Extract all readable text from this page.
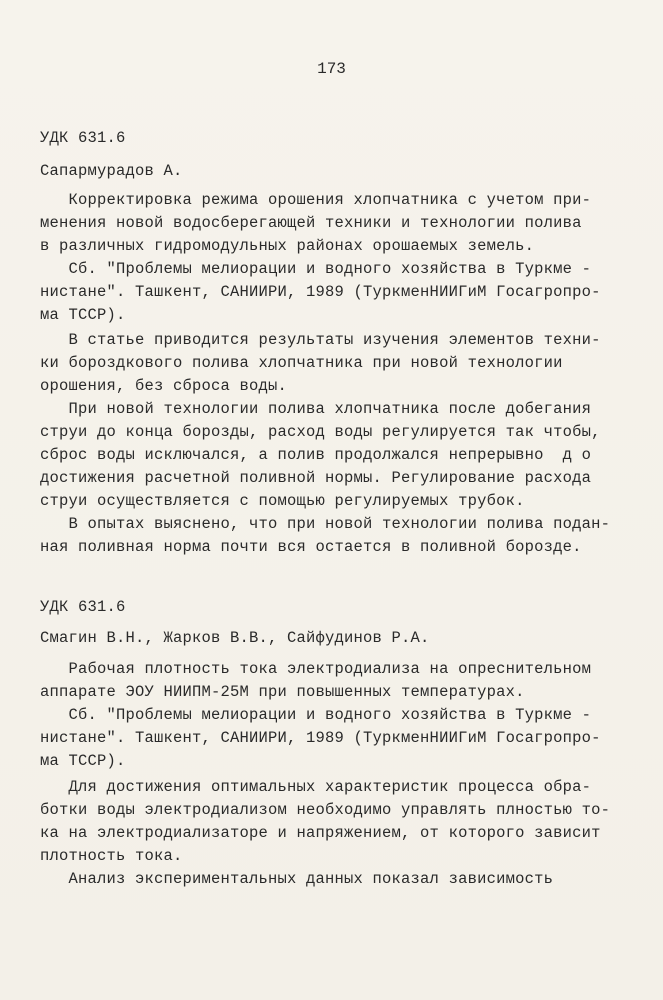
173
УДК 631.6
Сапармурадов А.
Корректировка режима орошения хлопчатника с учетом при-
менения новой водосберегающей техники и технологии полива
в различных гидромодульных районах орошаемых земель.
Сб. "Проблемы мелиорации и водного хозяйства в Туркме -
нистане". Ташкент, САНИИРИ, 1989 (ТуркменНИИГиМ Госагропро-
ма ТССР).
В статье приводится результаты изучения элементов техни-
ки бороздкового полива хлопчатника при новой технологии
орошения, без сброса воды.
При новой технологии полива хлопчатника после добегания
струи до конца борозды, расход воды регулируется так чтобы,
сброс воды исключался, а полив продолжался непрерывно  д о
достижения расчетной поливной нормы. Регулирование расхода
струи осуществляется с помощью регулируемых трубок.
В опытах выяснено, что при новой технологии полива подан-
ная поливная норма почти вся остается в поливной борозде.
УДК 631.6
Смагин В.Н., Жарков В.В., Сайфудинов Р.А.
Рабочая плотность тока электродиализа на опреснительном
аппарате ЭОУ НИИПМ-25М при повышенных температурах.
Сб. "Проблемы мелиорации и водного хозяйства в Туркме -
нистане". Ташкент, САНИИРИ, 1989 (ТуркменНИИГиМ Госагропро-
ма ТССР).
Для достижения оптимальных характеристик процесса обра-
ботки воды электродиализом необходимо управлять плностью то-
ка на электродиализаторе и напряжением, от которого зависит
плотность тока.
Анализ экспериментальных данных показал зависимость
